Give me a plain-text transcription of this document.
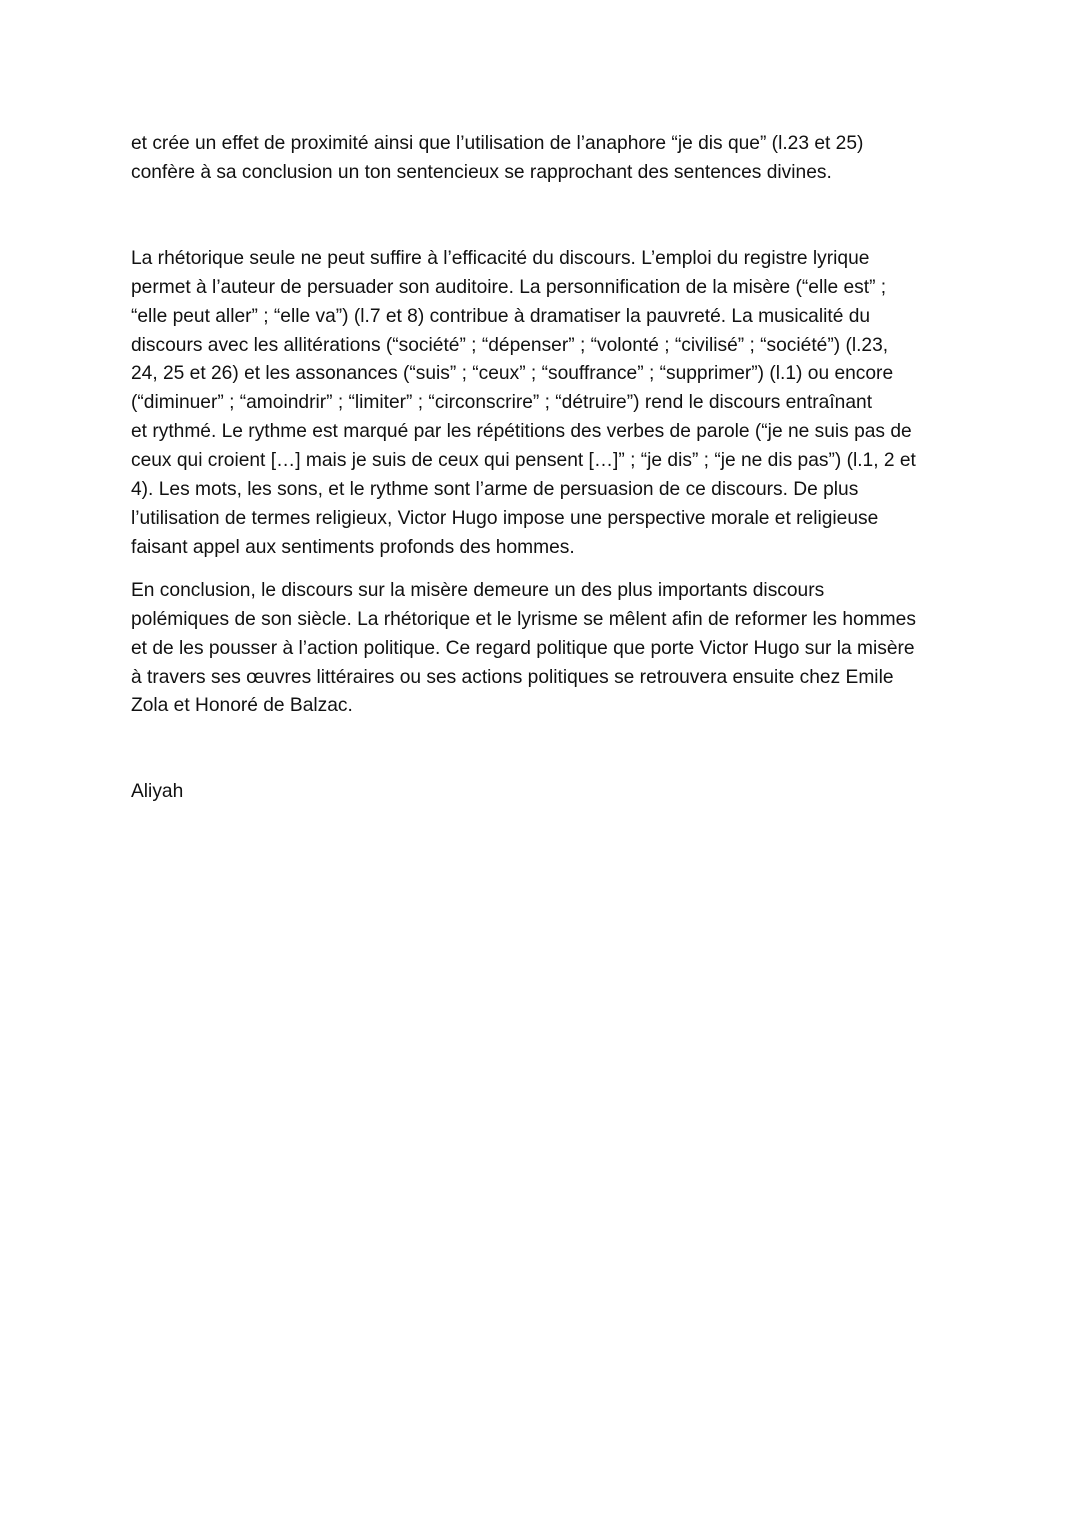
et crée un effet de proximité ainsi que l’utilisation de l’anaphore “je dis que” (l.23 et 25)
confère à sa conclusion un ton sentencieux se rapprochant des sentences divines.

La rhétorique seule ne peut suffire à l’efficacité du discours. L’emploi du registre lyrique
permet à l’auteur de persuader son auditoire. La personnification de la misère (“elle est” ;
“elle peut aller” ; “elle va”) (l.7 et 8) contribue à dramatiser la pauvreté. La musicalité du
discours avec les allitérations (“société” ; “dépenser” ; “volonté ; “civilisé” ; “société”) (l.23,
24, 25 et 26) et les assonances (“suis” ; “ceux” ; “souffrance” ; “supprimer”) (l.1) ou encore
(“diminuer” ; “amoindrir” ; “limiter” ; “circonscrire” ; “détruire”) rend le discours entraînant
et rythmé. Le rythme est marqué par les répétitions des verbes de parole (“je ne suis pas de
ceux qui croient […] mais je suis de ceux qui pensent […]” ; “je dis” ; “je ne dis pas”) (l.1, 2 et
4). Les mots, les sons, et le rythme sont l’arme de persuasion de ce discours. De plus
l’utilisation de termes religieux, Victor Hugo impose une perspective morale et religieuse
faisant appel aux sentiments profonds des hommes.

En conclusion, le discours sur la misère demeure un des plus importants discours
polémiques de son siècle. La rhétorique et le lyrisme se mêlent afin de reformer les hommes
et de les pousser à l’action politique. Ce regard politique que porte Victor Hugo sur la misère
à travers ses œuvres littéraires ou ses actions politiques se retrouvera ensuite chez Emile
Zola et Honoré de Balzac.

Aliyah
